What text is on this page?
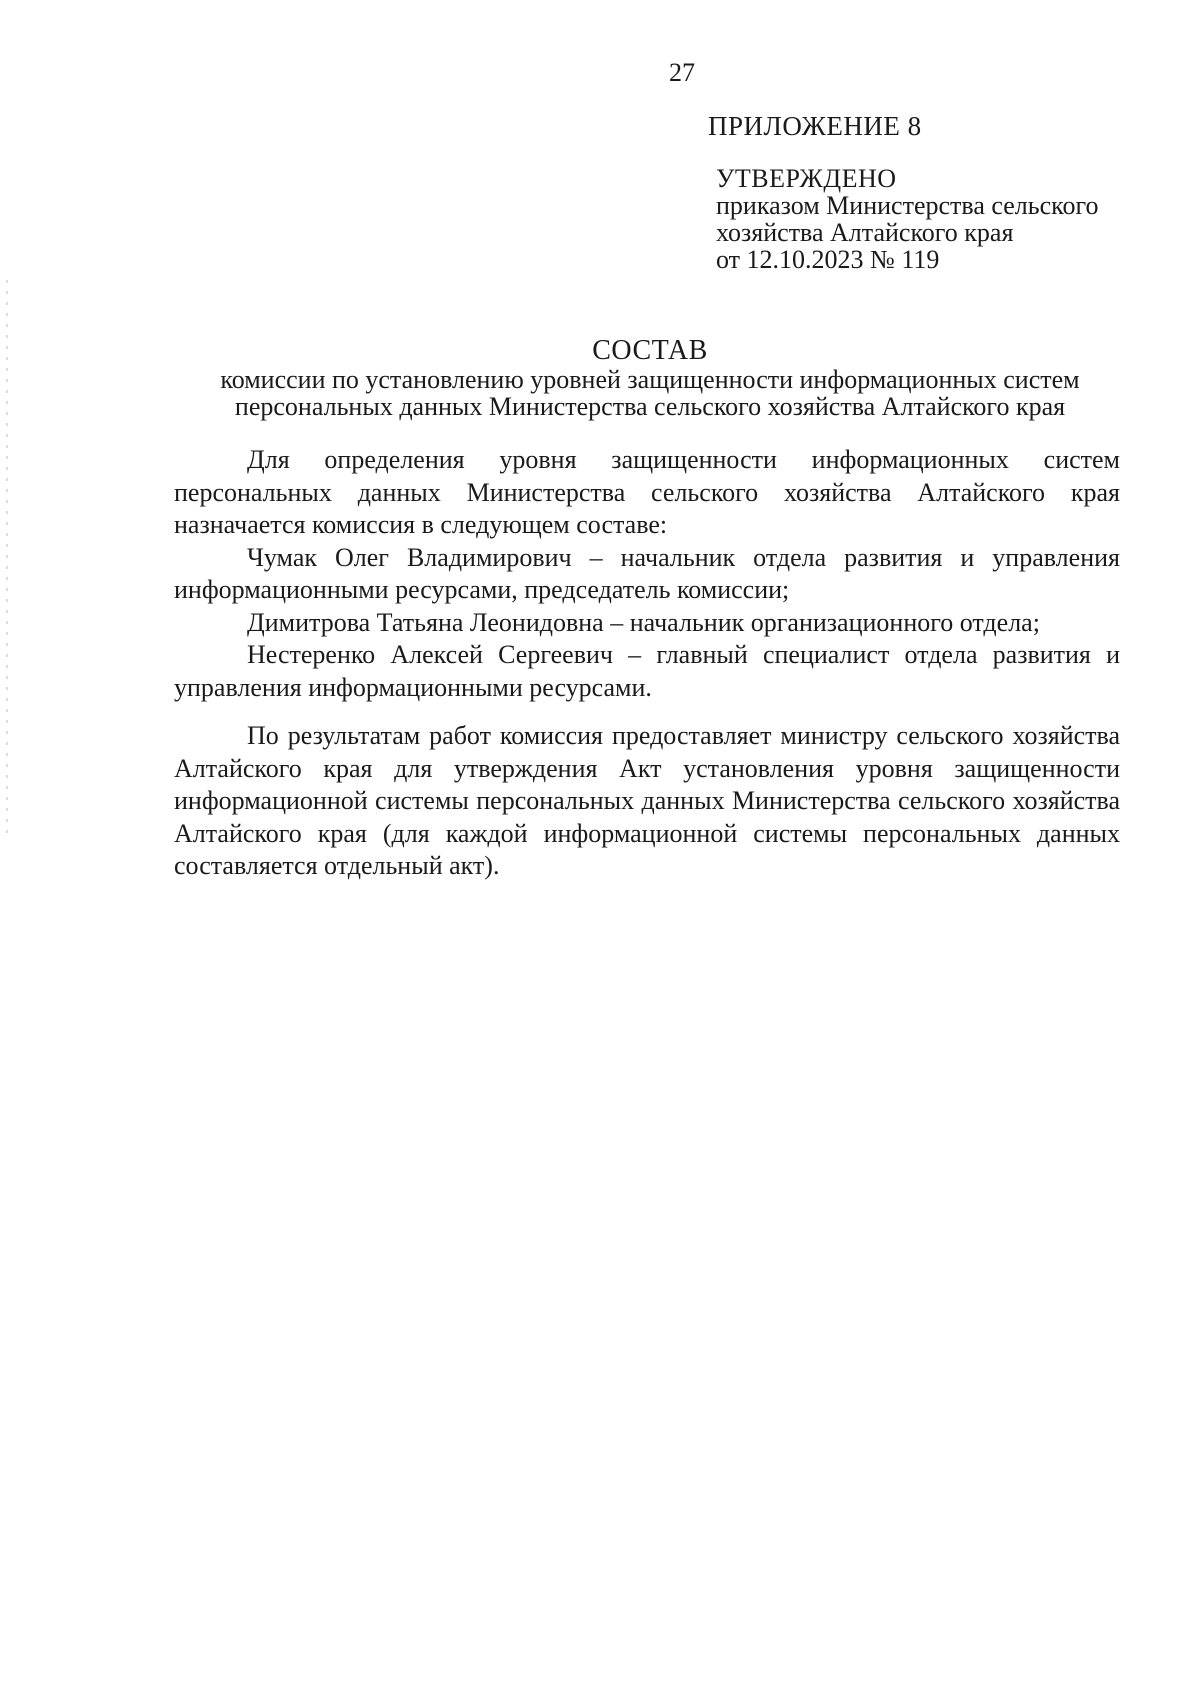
27
ПРИЛОЖЕНИЕ 8
УТВЕРЖДЕНО
приказом Министерства сельского
хозяйства Алтайского края
от 12.10.2023 № 119
СОСТАВ
комиссии по установлению уровней защищенности информационных систем
персональных данных Министерства сельского хозяйства Алтайского края

Для определения уровня защищенности информационных систем персональных данных Министерства сельского хозяйства Алтайского края назначается комиссия в следующем составе:

Чумак Олег Владимирович – начальник отдела развития и управления информационными ресурсами, председатель комиссии;

Димитрова Татьяна Леонидовна – начальник организационного отдела;

Нестеренко Алексей Сергеевич – главный специалист отдела развития и управления информационными ресурсами.

По результатам работ комиссия предоставляет министру сельского хозяйства Алтайского края для утверждения Акт установления уровня защищенности информационной системы персональных данных Министерства сельского хозяйства Алтайского края (для каждой информационной системы персональных данных составляется отдельный акт).
